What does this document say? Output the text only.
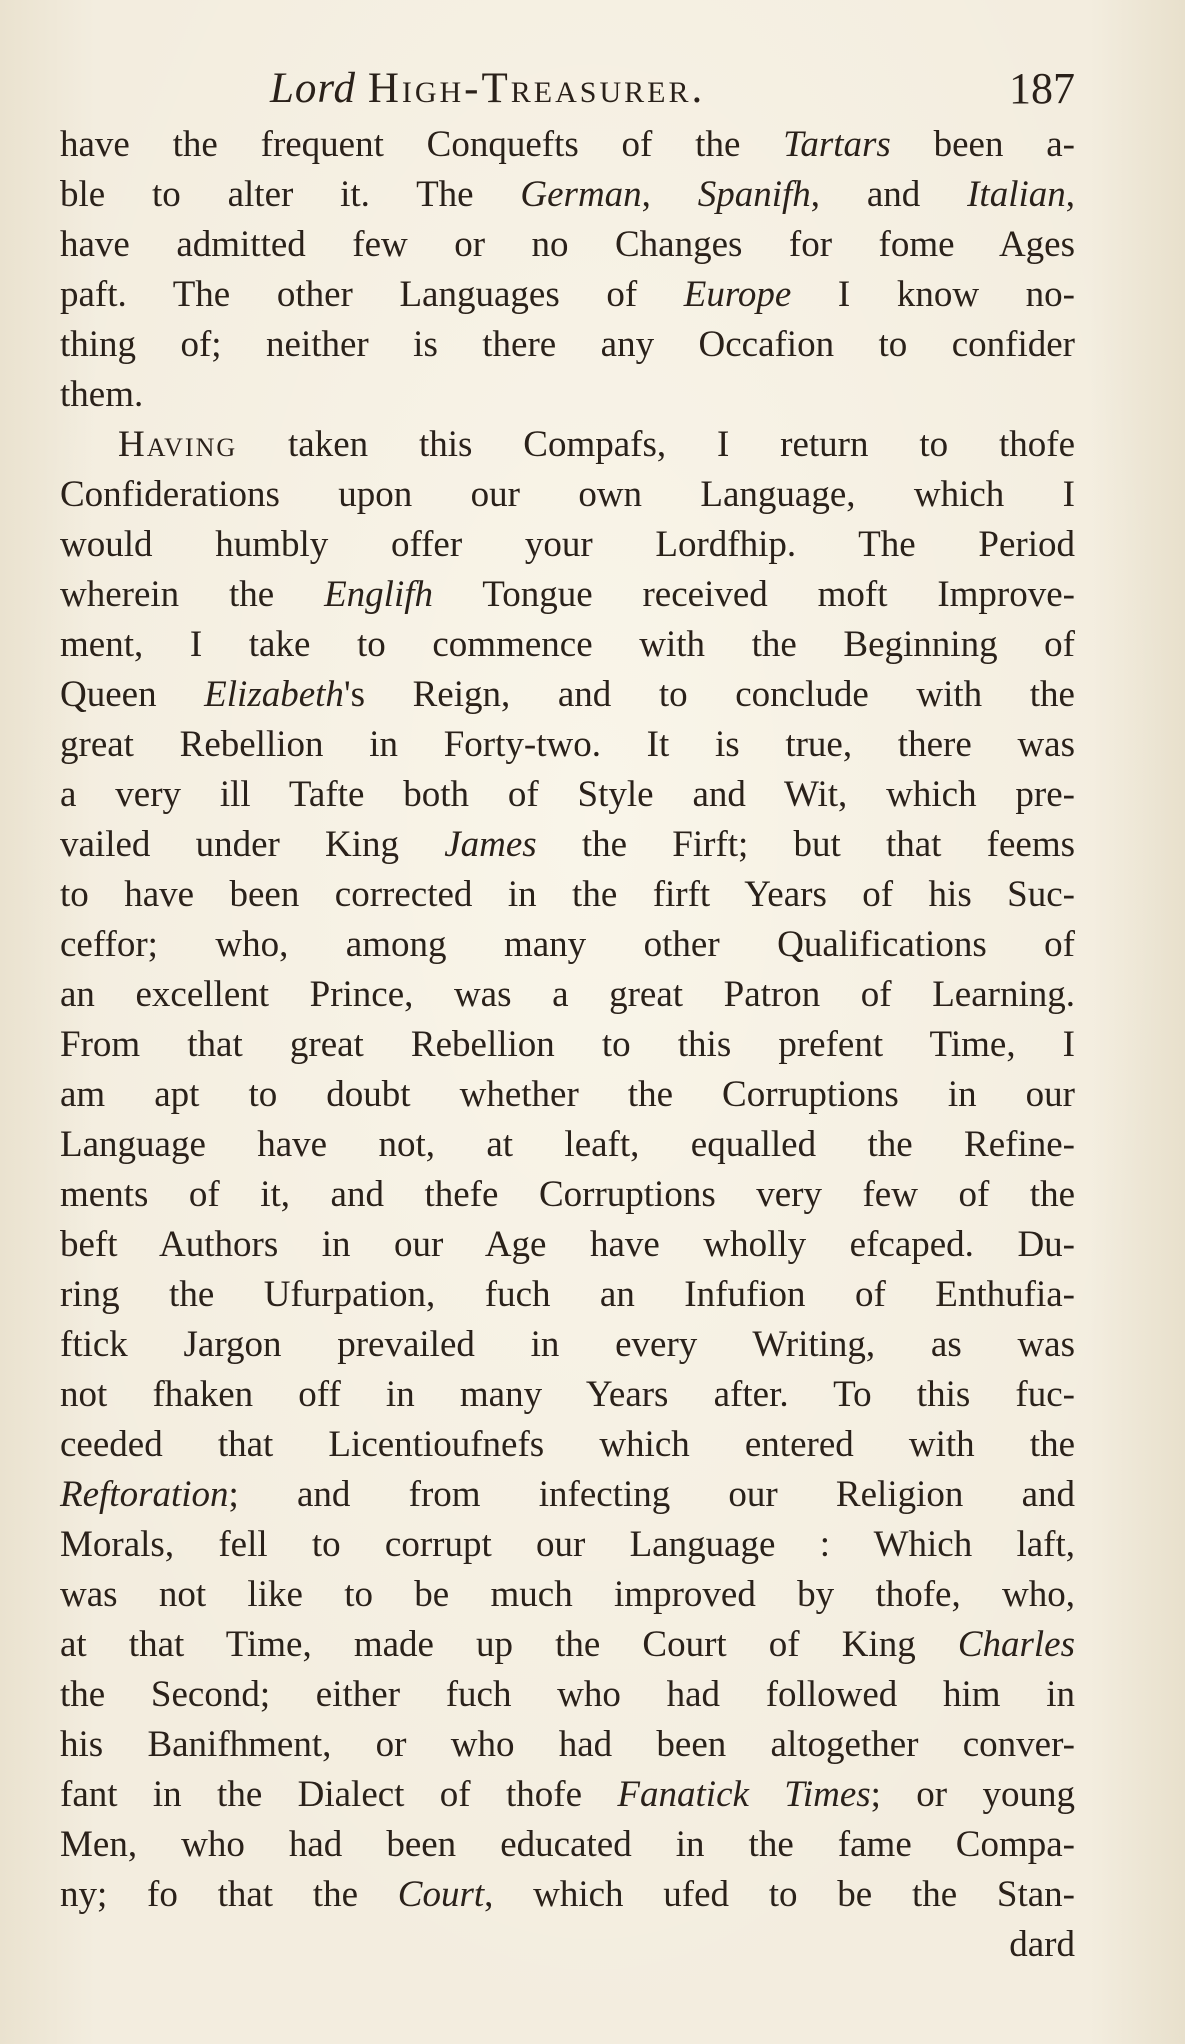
Lord High-Treasurer.	187
have the frequent Conquefts of the Tartars been a-
ble to alter it. The German, Spanifh, and Italian,
have admitted few or no Changes for fome Ages
paft. The other Languages of Europe I know no-
thing of; neither is there any Occafion to confider
them.
Having taken this Compafs, I return to thofe
Confiderations upon our own Language, which I
would humbly offer your Lordfhip. The Period
wherein the Englifh Tongue received moft Improve-
ment, I take to commence with the Beginning of
Queen Elizabeth's Reign, and to conclude with the
great Rebellion in Forty-two. It is true, there was
a very ill Tafte both of Style and Wit, which pre-
vailed under King James the Firft; but that feems
to have been corrected in the firft Years of his Suc-
ceffor; who, among many other Qualifications of
an excellent Prince, was a great Patron of Learning.
From that great Rebellion to this prefent Time, I
am apt to doubt whether the Corruptions in our
Language have not, at leaft, equalled the Refine-
ments of it, and thefe Corruptions very few of the
beft Authors in our Age have wholly efcaped. Du-
ring the Ufurpation, fuch an Infufion of Enthufia-
ftick Jargon prevailed in every Writing, as was
not fhaken off in many Years after. To this fuc-
ceeded that Licentioufnefs which entered with the
Reftoration; and from infecting our Religion and
Morals, fell to corrupt our Language : Which laft,
was not like to be much improved by thofe, who,
at that Time, made up the Court of King Charles
the Second; either fuch who had followed him in
his Banifhment, or who had been altogether conver-
fant in the Dialect of thofe Fanatick Times; or young
Men, who had been educated in the fame Compa-
ny; fo that the Court, which ufed to be the Stan-
dard
